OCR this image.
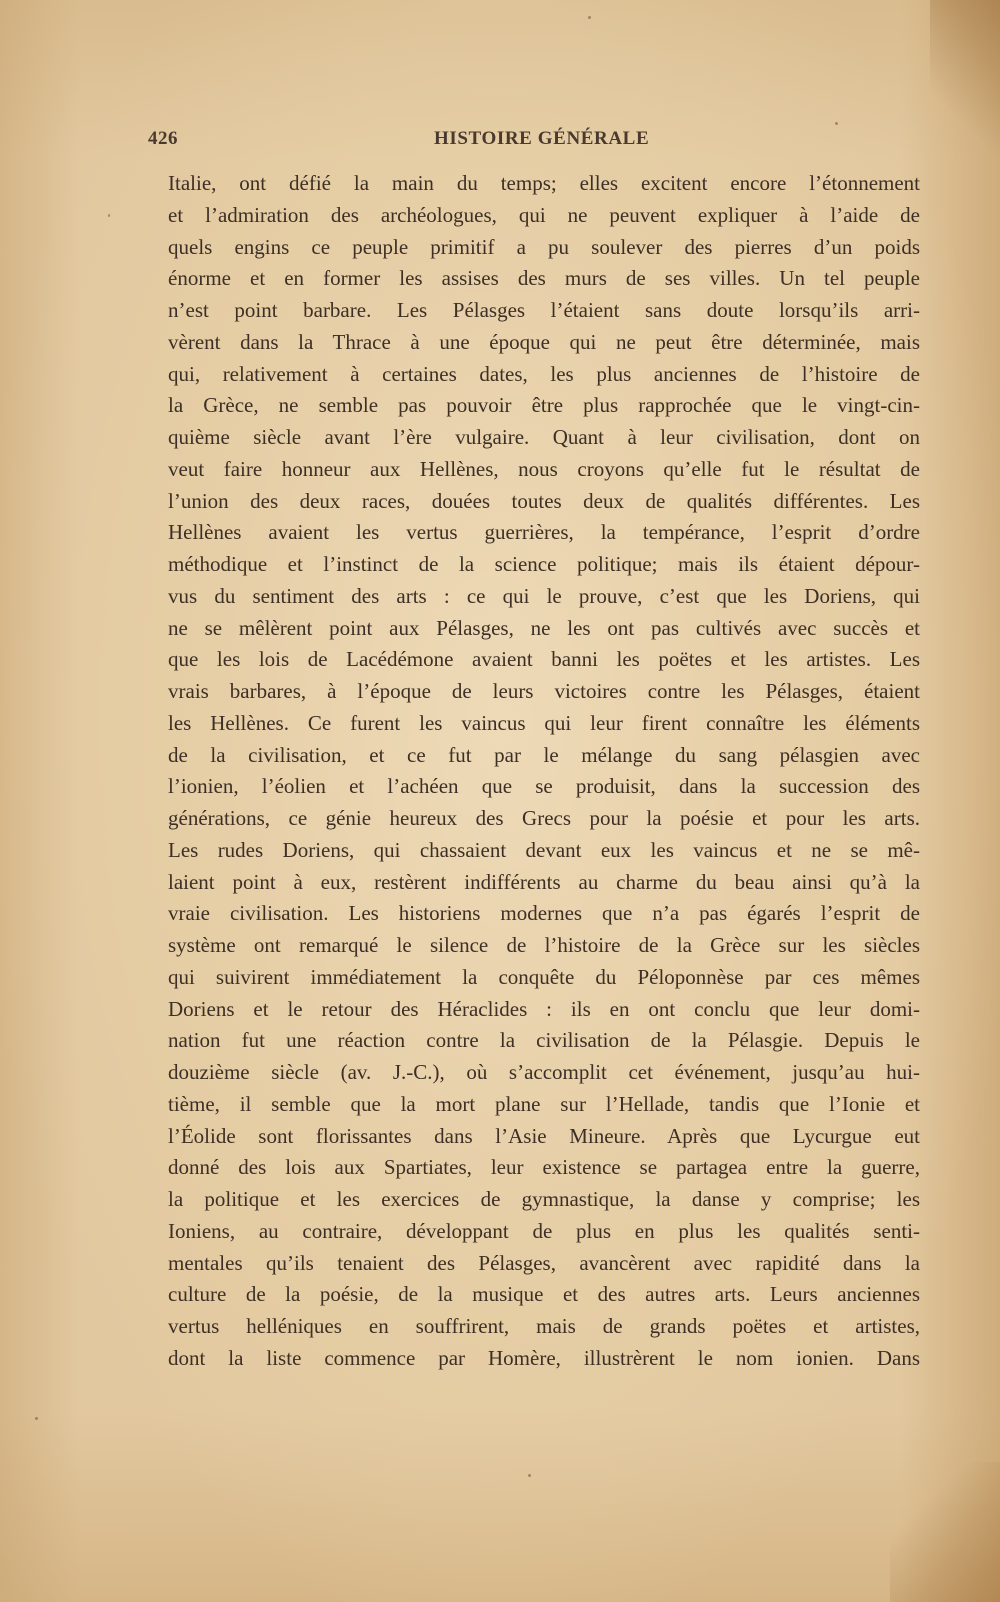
426	HISTOIRE GÉNÉRALE
Italie, ont défié la main du temps; elles excitent encore l’étonnement
et l’admiration des archéologues, qui ne peuvent expliquer à l’aide de
quels engins ce peuple primitif a pu soulever des pierres d’un poids
énorme et en former les assises des murs de ses villes. Un tel peuple
n’est point barbare. Les Pélasges l’étaient sans doute lorsqu’ils arri-
vèrent dans la Thrace à une époque qui ne peut être déterminée, mais
qui, relativement à certaines dates, les plus anciennes de l’histoire de
la Grèce, ne semble pas pouvoir être plus rapprochée que le vingt-cin-
quième siècle avant l’ère vulgaire. Quant à leur civilisation, dont on
veut faire honneur aux Hellènes, nous croyons qu’elle fut le résultat de
l’union des deux races, douées toutes deux de qualités différentes. Les
Hellènes avaient les vertus guerrières, la tempérance, l’esprit d’ordre
méthodique et l’instinct de la science politique; mais ils étaient dépour-
vus du sentiment des arts : ce qui le prouve, c’est que les Doriens, qui
ne se mêlèrent point aux Pélasges, ne les ont pas cultivés avec succès et
que les lois de Lacédémone avaient banni les poëtes et les artistes. Les
vrais barbares, à l’époque de leurs victoires contre les Pélasges, étaient
les Hellènes. Ce furent les vaincus qui leur firent connaître les éléments
de la civilisation, et ce fut par le mélange du sang pélasgien avec
l’ionien, l’éolien et l’achéen que se produisit, dans la succession des
générations, ce génie heureux des Grecs pour la poésie et pour les arts.
Les rudes Doriens, qui chassaient devant eux les vaincus et ne se mê-
laient point à eux, restèrent indifférents au charme du beau ainsi qu’à la
vraie civilisation. Les historiens modernes que n’a pas égarés l’esprit de
système ont remarqué le silence de l’histoire de la Grèce sur les siècles
qui suivirent immédiatement la conquête du Péloponnèse par ces mêmes
Doriens et le retour des Héraclides : ils en ont conclu que leur domi-
nation fut une réaction contre la civilisation de la Pélasgie. Depuis le
douzième siècle (av. J.-C.), où s’accomplit cet événement, jusqu’au hui-
tième, il semble que la mort plane sur l’Hellade, tandis que l’Ionie et
l’Éolide sont florissantes dans l’Asie Mineure. Après que Lycurgue eut
donné des lois aux Spartiates, leur existence se partagea entre la guerre,
la politique et les exercices de gymnastique, la danse y comprise; les
Ioniens, au contraire, développant de plus en plus les qualités senti-
mentales qu’ils tenaient des Pélasges, avancèrent avec rapidité dans la
culture de la poésie, de la musique et des autres arts. Leurs anciennes
vertus helléniques en souffrirent, mais de grands poëtes et artistes,
dont la liste commence par Homère, illustrèrent le nom ionien. Dans
